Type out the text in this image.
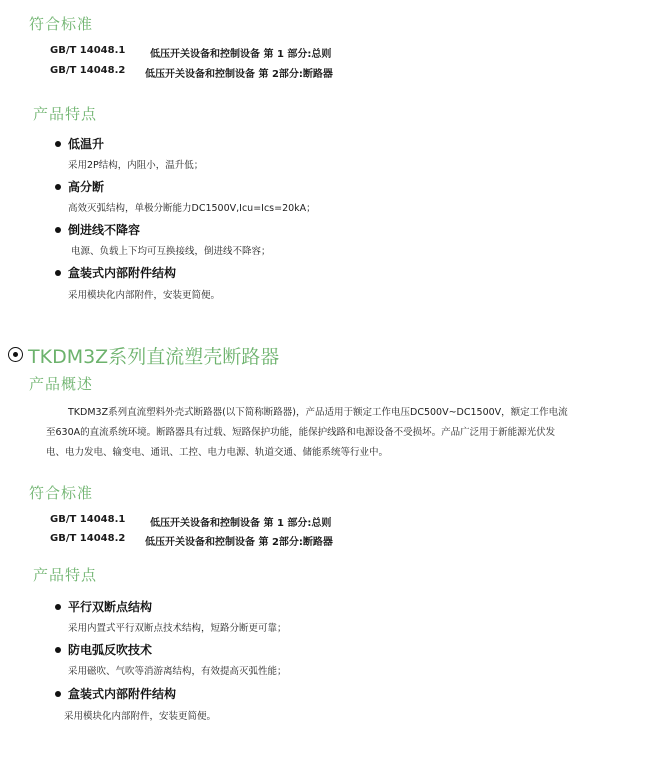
符合标准
GB/T 14048.1 低压开关设备和控制设备 第 1 部分:总则
GB/T 14048.2 低压开关设备和控制设备 第 2部分:断路器
产品特点
低温升
采用2P结构，内阻小，温升低；
高分断
高效灭弧结构，单极分断能力DC1500V,Icu=Ics=20kA；
倒进线不降容
电源、负载上下均可互换接线，倒进线不降容；
盒装式内部附件结构
采用模块化内部附件，安装更简便。
TKDM3Z系列直流塑壳断路器
产品概述
TKDM3Z系列直流塑料外壳式断路器(以下简称断路器)，产品适用于额定工作电压DC500V~DC1500V，额定工作电流
至630A的直流系统环境。断路器具有过载、短路保护功能，能保护线路和电源设备不受损坏。产品广泛用于新能源光伏发
电、电力发电、输变电、通讯、工控、电力电源、轨道交通、储能系统等行业中。
符合标准
GB/T 14048.1 低压开关设备和控制设备 第 1 部分:总则
GB/T 14048.2 低压开关设备和控制设备 第 2部分:断路器
产品特点
平行双断点结构
采用内置式平行双断点技术结构，短路分断更可靠；
防电弧反吹技术
采用磁吹、气吹等消游离结构，有效提高灭弧性能；
盒装式内部附件结构
采用模块化内部附件，安装更简便。
